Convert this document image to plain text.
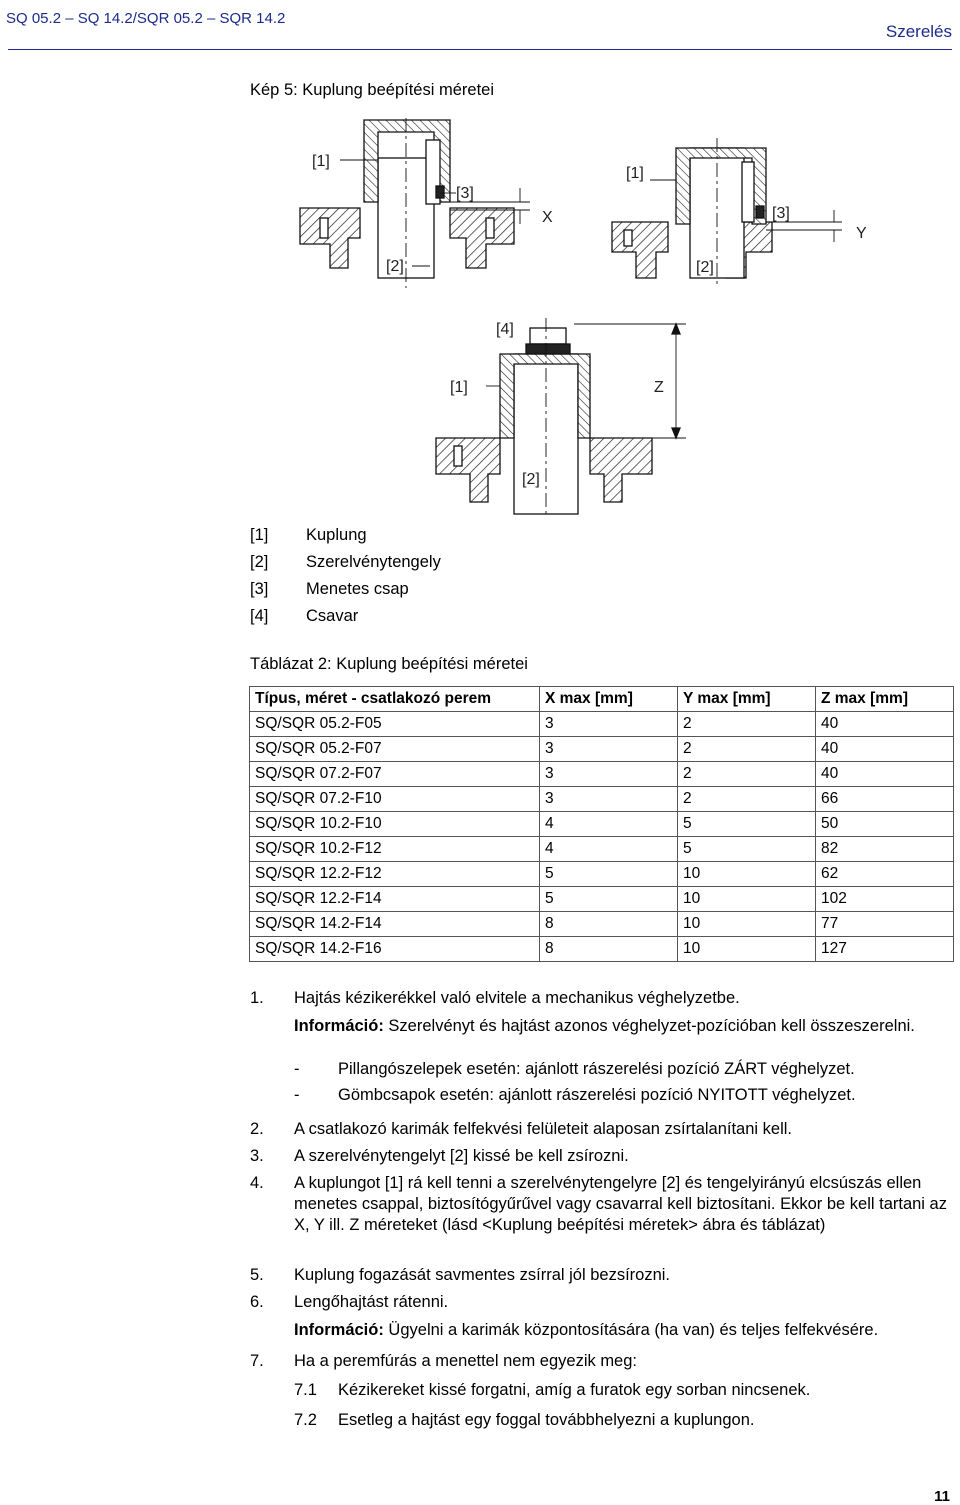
SQ 05.2 – SQ 14.2/SQR 05.2 – SQR 14.2
Szerelés
Kép 5: Kuplung beépítési méretei
[1]
[2]
[3]
X
[1]
[2]
[3]
Y
[4]
[1]
[2]
Z
[1] Kuplung
[2] Szerelvénytengely
[3] Menetes csap
[4] Csavar
Táblázat 2: Kuplung beépítési méretei
Típus, méret - csatlakozó perem	X max [mm]	Y max [mm]	Z max [mm]
SQ/SQR 05.2-F05	3	2	40
SQ/SQR 05.2-F07	3	2	40
SQ/SQR 07.2-F07	3	2	40
SQ/SQR 07.2-F10	3	2	66
SQ/SQR 10.2-F10	4	5	50
SQ/SQR 10.2-F12	4	5	82
SQ/SQR 12.2-F12	5	10	62
SQ/SQR 12.2-F14	5	10	102
SQ/SQR 14.2-F14	8	10	77
SQ/SQR 14.2-F16	8	10	127
1. Hajtás kézikerékkel való elvitele a mechanikus véghelyzetbe.
Információ: Szerelvényt és hajtást azonos véghelyzet-pozícióban kell összeszerelni.
- Pillangószelepek esetén: ajánlott rászerelési pozíció ZÁRT véghelyzet.
- Gömbcsapok esetén: ajánlott rászerelési pozíció NYITOTT véghelyzet.
2. A csatlakozó karimák felfekvési felületeit alaposan zsírtalanítani kell.
3. A szerelvénytengelyt [2] kissé be kell zsírozni.
4. A kuplungot [1] rá kell tenni a szerelvénytengelyre [2] és tengelyirányú elcsúszás ellen menetes csappal, biztosítógyűrűvel vagy csavarral kell biztosítani. Ekkor be kell tartani az X, Y ill. Z méreteket (lásd <Kuplung beépítési méretek> ábra és táblázat)
5. Kuplung fogazását savmentes zsírral jól bezsírozni.
6. Lengőhajtást rátenni.
Információ: Ügyelni a karimák központosítására (ha van) és teljes felfekvésére.
7. Ha a peremfúrás a menettel nem egyezik meg:
7.1 Kézikereket kissé forgatni, amíg a furatok egy sorban nincsenek.
7.2 Esetleg a hajtást egy foggal továbbhelyezni a kuplungon.
11
